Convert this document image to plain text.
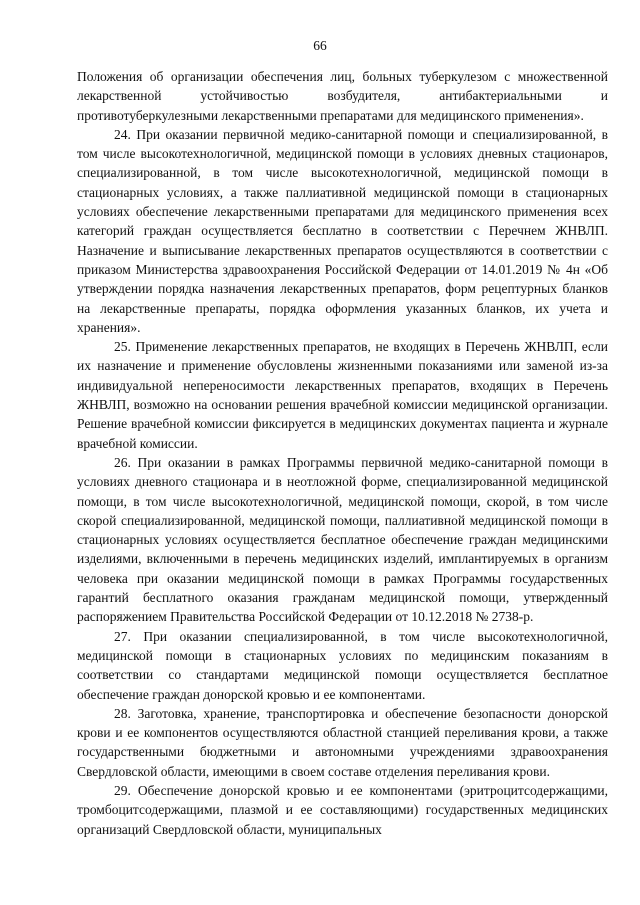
66

Положения об организации обеспечения лиц, больных туберкулезом с множественной лекарственной устойчивостью возбудителя, антибактериальными и противотуберкулезными лекарственными препаратами для медицинского применения».

24. При оказании первичной медико-санитарной помощи и специализированной, в том числе высокотехнологичной, медицинской помощи в условиях дневных стационаров, специализированной, в том числе высокотехнологичной, медицинской помощи в стационарных условиях, а также паллиативной медицинской помощи в стационарных условиях обеспечение лекарственными препаратами для медицинского применения всех категорий граждан осуществляется бесплатно в соответствии с Перечнем ЖНВЛП. Назначение и выписывание лекарственных препаратов осуществляются в соответствии с приказом Министерства здравоохранения Российской Федерации от 14.01.2019 № 4н «Об утверждении порядка назначения лекарственных препаратов, форм рецептурных бланков на лекарственные препараты, порядка оформления указанных бланков, их учета и хранения».

25. Применение лекарственных препаратов, не входящих в Перечень ЖНВЛП, если их назначение и применение обусловлены жизненными показаниями или заменой из-за индивидуальной непереносимости лекарственных препаратов, входящих в Перечень ЖНВЛП, возможно на основании решения врачебной комиссии медицинской организации. Решение врачебной комиссии фиксируется в медицинских документах пациента и журнале врачебной комиссии.

26. При оказании в рамках Программы первичной медико-санитарной помощи в условиях дневного стационара и в неотложной форме, специализированной медицинской помощи, в том числе высокотехнологичной, медицинской помощи, скорой, в том числе скорой специализированной, медицинской помощи, паллиативной медицинской помощи в стационарных условиях осуществляется бесплатное обеспечение граждан медицинскими изделиями, включенными в перечень медицинских изделий, имплантируемых в организм человека при оказании медицинской помощи в рамках Программы государственных гарантий бесплатного оказания гражданам медицинской помощи, утвержденный распоряжением Правительства Российской Федерации от 10.12.2018 № 2738-р.

27. При оказании специализированной, в том числе высокотехнологичной, медицинской помощи в стационарных условиях по медицинским показаниям в соответствии со стандартами медицинской помощи осуществляется бесплатное обеспечение граждан донорской кровью и ее компонентами.

28. Заготовка, хранение, транспортировка и обеспечение безопасности донорской крови и ее компонентов осуществляются областной станцией переливания крови, а также государственными бюджетными и автономными учреждениями здравоохранения Свердловской области, имеющими в своем составе отделения переливания крови.

29. Обеспечение донорской кровью и ее компонентами (эритроцитсодержащими, тромбоцитсодержащими, плазмой и ее составляющими) государственных медицинских организаций Свердловской области, муниципальных
